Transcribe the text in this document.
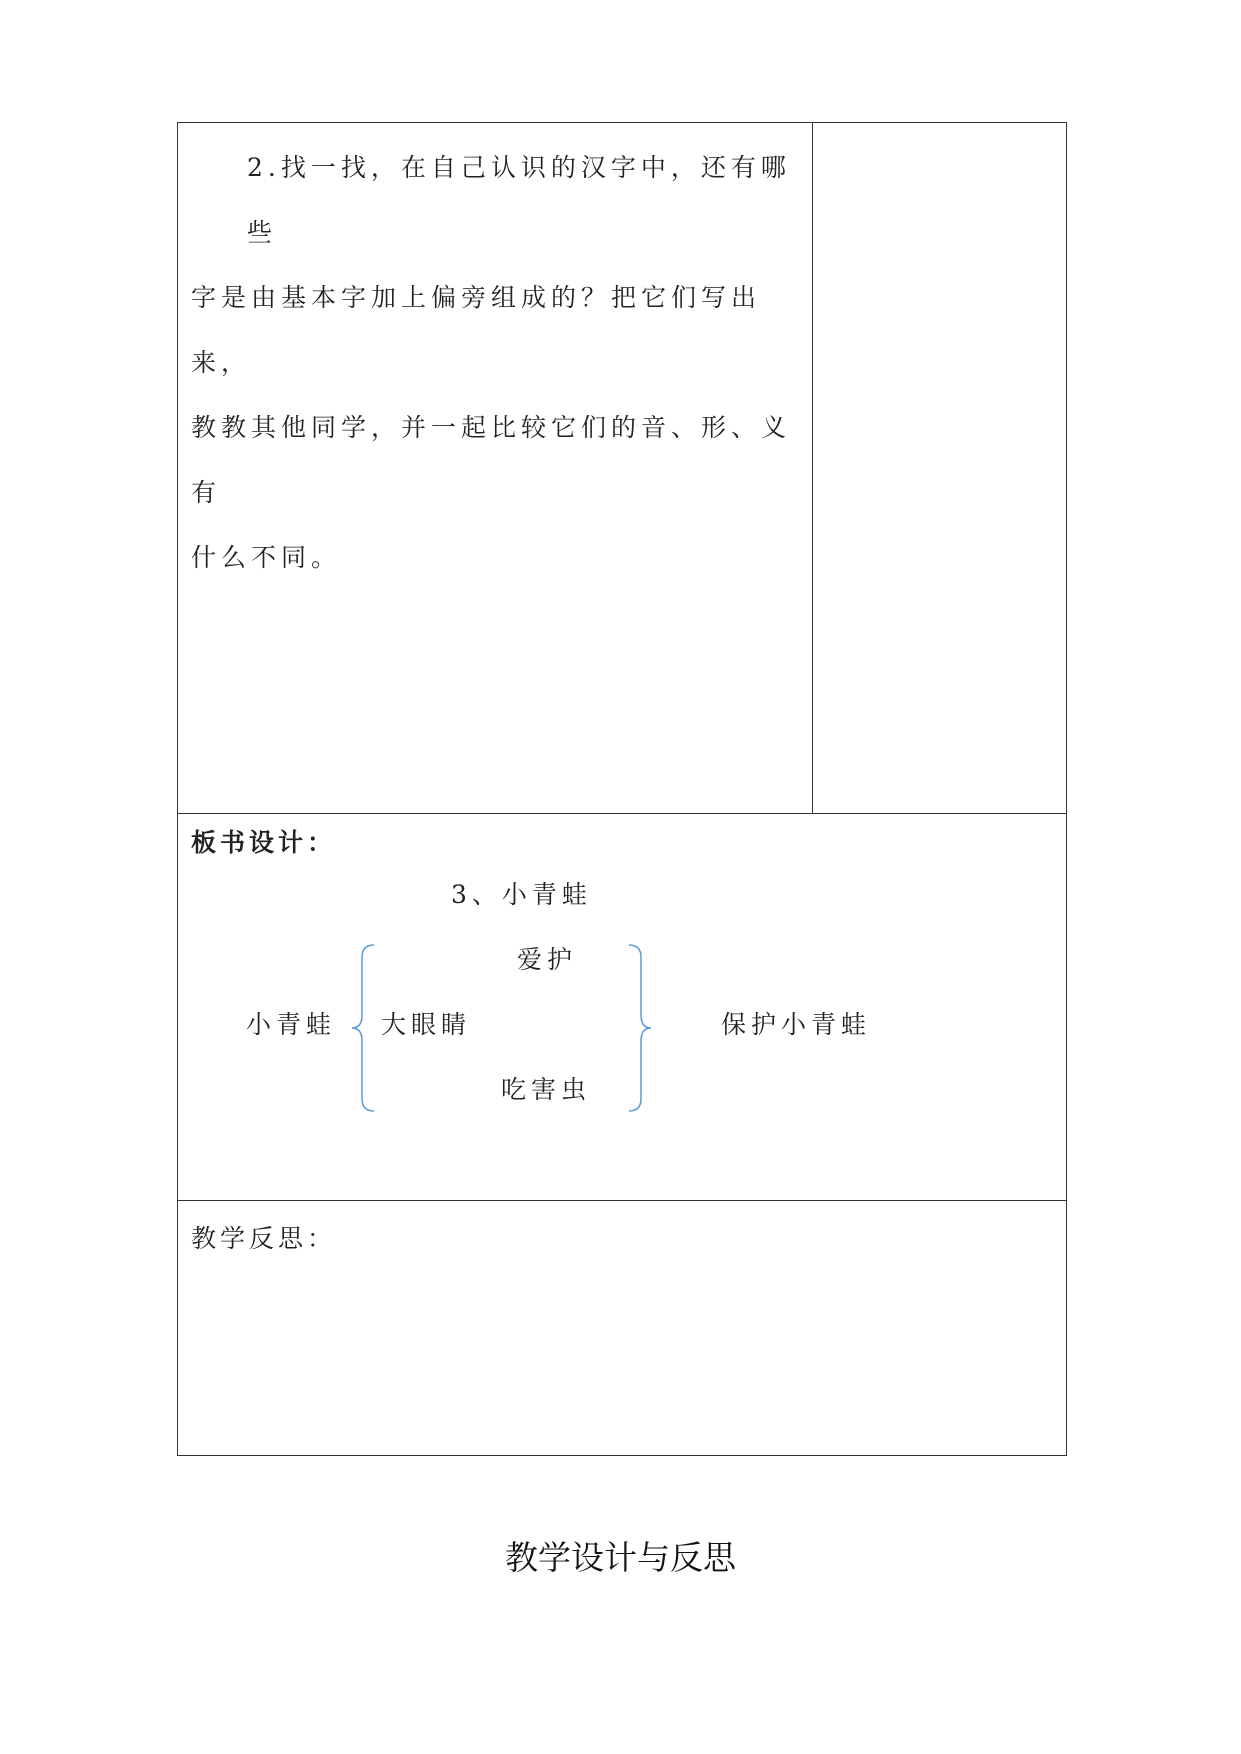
2.找一找，在自己认识的汉字中，还有哪些

字是由基本字加上偏旁组成的？把它们写出来，

教教其他同学，并一起比较它们的音、形、义有

什么不同。

板书设计：
3、小青蛙
爱护
小青蛙 大眼睛
吃害虫
保护小青蛙
教学反思：
教学设计与反思
